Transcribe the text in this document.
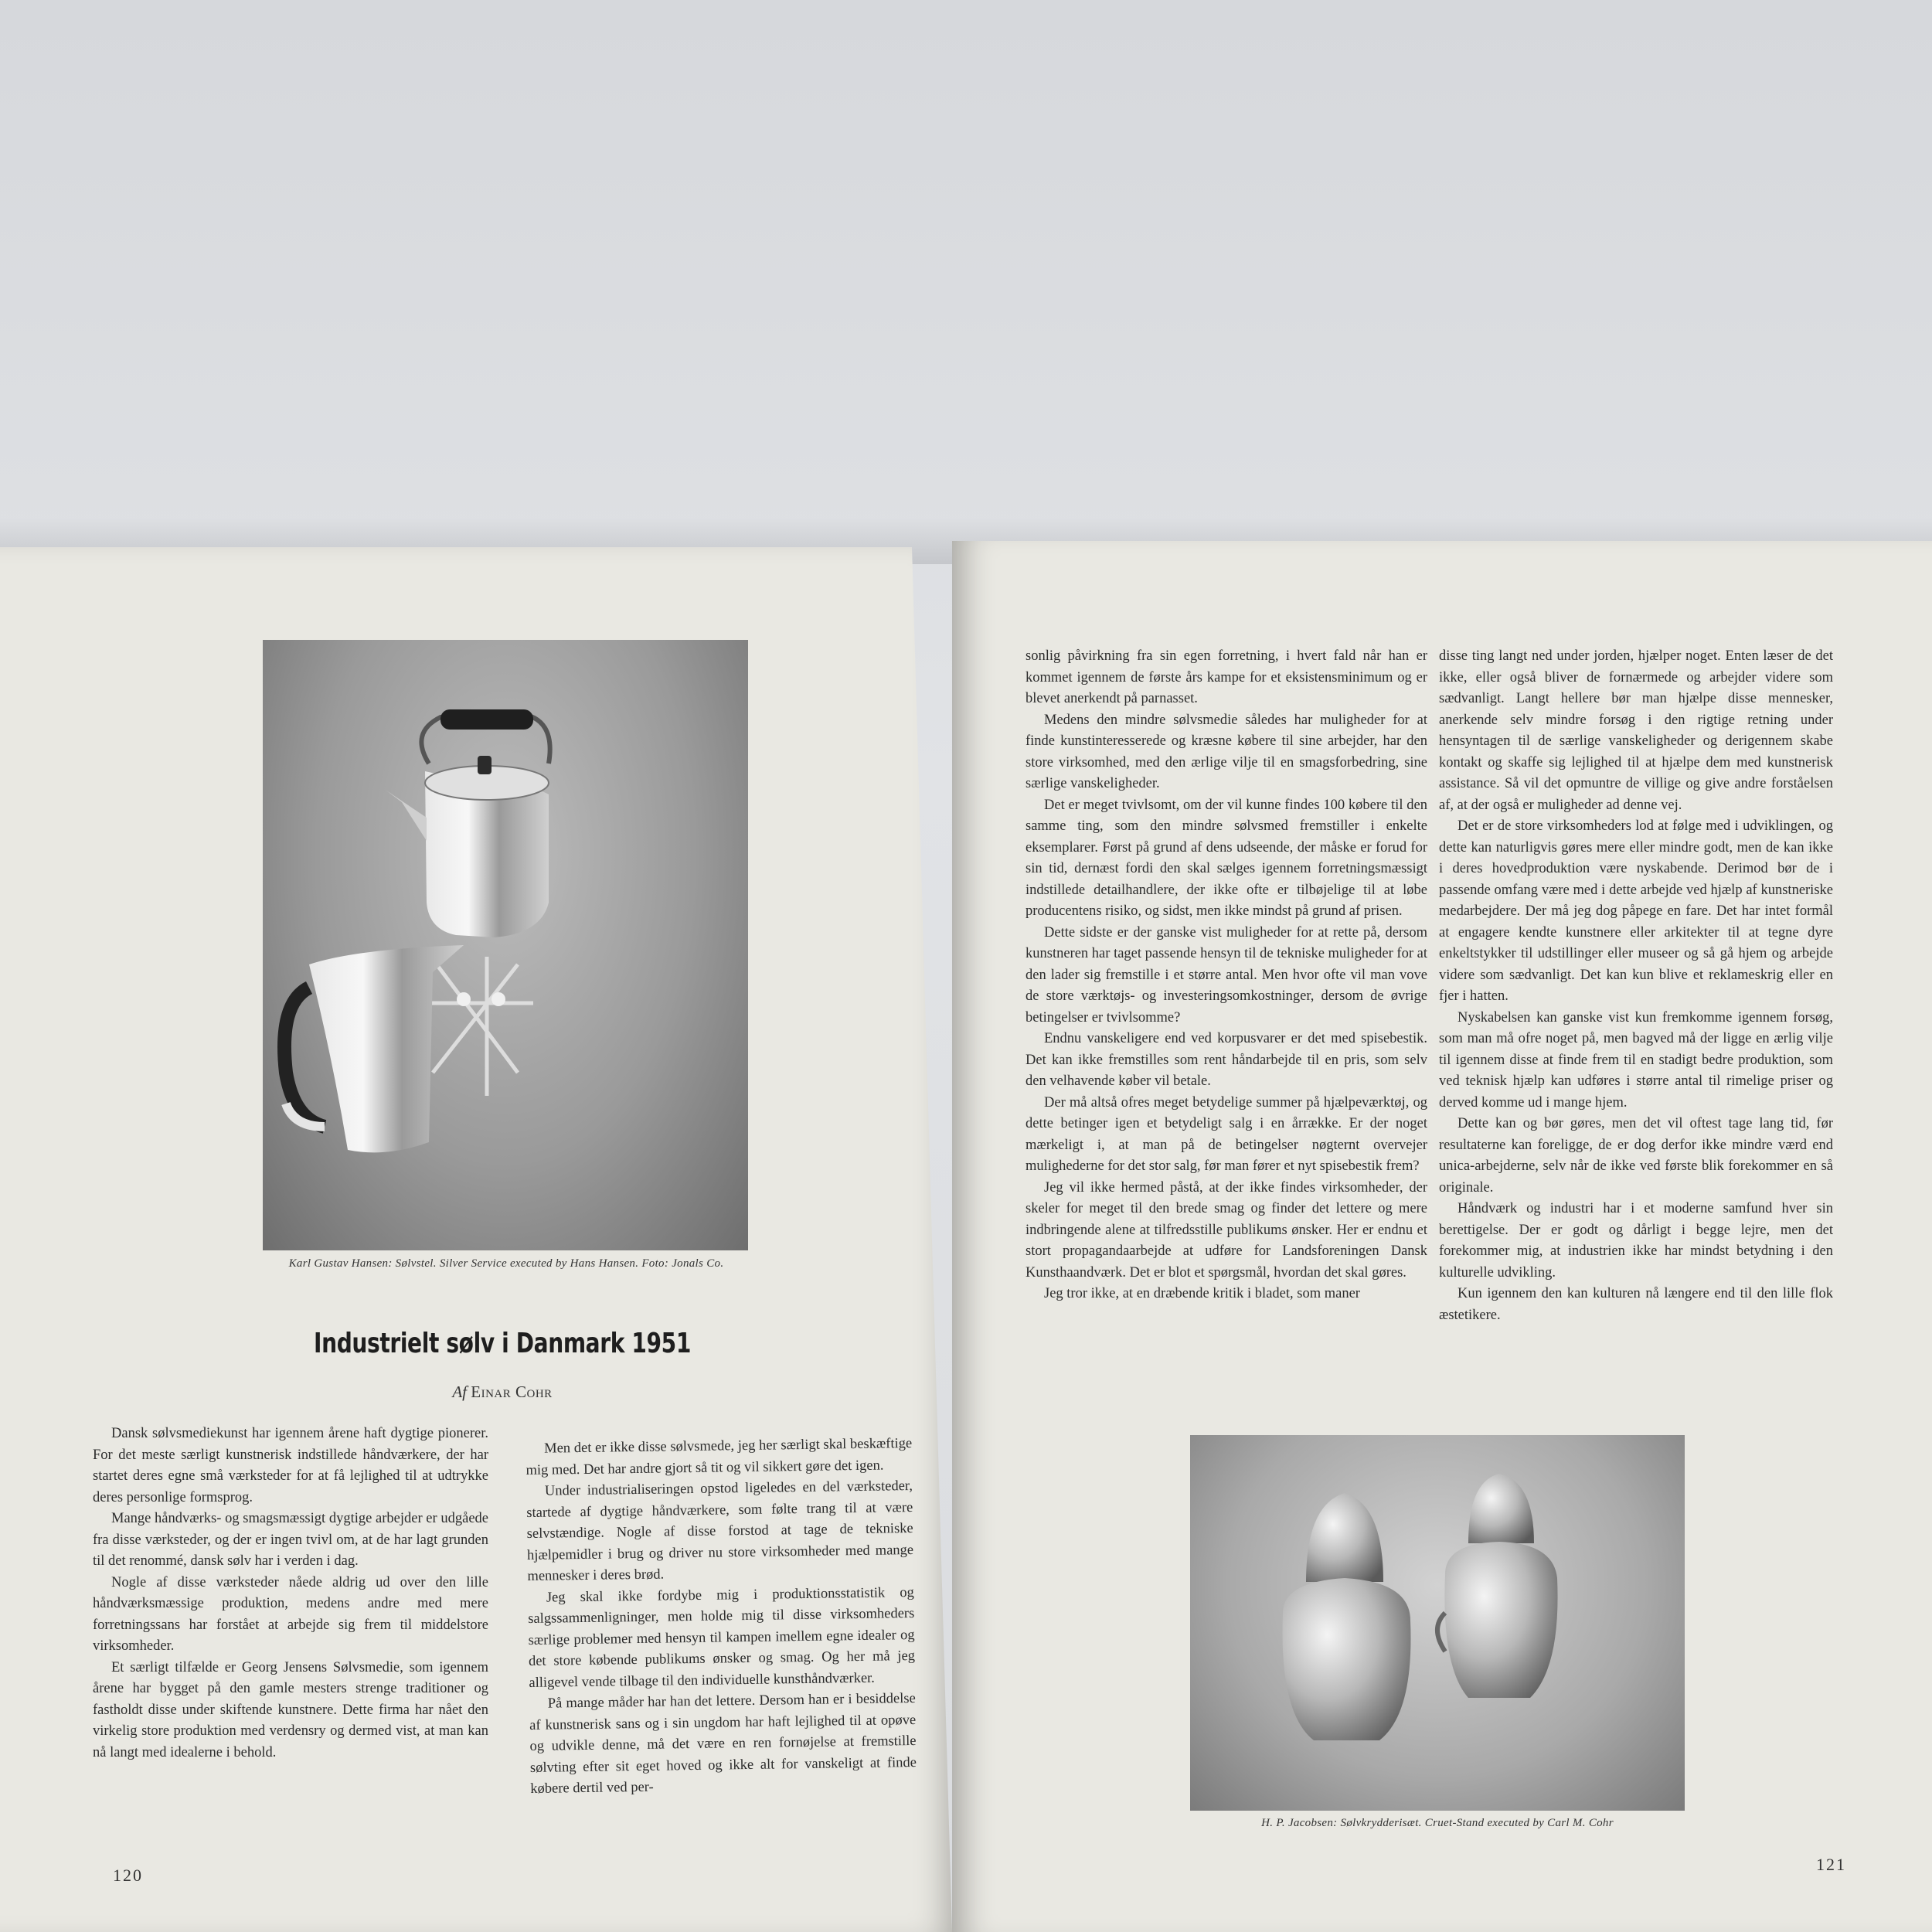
Karl Gustav Hansen: Sølvstel. Silver Service executed by Hans Hansen. Foto: Jonals Co.
Industrielt sølv i Danmark 1951
Af Einar Cohr

Dansk sølvsmediekunst har igennem årene haft dygtige pionerer. For det meste særligt kunstnerisk indstillede håndværkere, der har startet deres egne små værksteder for at få lejlighed til at udtrykke deres personlige formsprog.

Mange håndværks- og smagsmæssigt dygtige arbejder er udgåede fra disse værksteder, og der er ingen tvivl om, at de har lagt grunden til det renommé, dansk sølv har i verden i dag.

Nogle af disse værksteder nåede aldrig ud over den lille håndværksmæssige produktion, medens andre med mere forretningssans har forstået at arbejde sig frem til middelstore virksomheder.

Et særligt tilfælde er Georg Jensens Sølvsmedie, som igennem årene har bygget på den gamle mesters strenge traditioner og fastholdt disse under skiftende kunstnere. Dette firma har nået den virkelig store produktion med verdensry og dermed vist, at man kan nå langt med idealerne i behold.

Men det er ikke disse sølvsmede, jeg her særligt skal beskæftige mig med. Det har andre gjort så tit og vil sikkert gøre det igen.

Under industrialiseringen opstod ligeledes en del værksteder, startede af dygtige håndværkere, som følte trang til at være selvstændige. Nogle af disse forstod at tage de tekniske hjælpemidler i brug og driver nu store virksomheder med mange mennesker i deres brød.

Jeg skal ikke fordybe mig i produktionsstatistik og salgssammenligninger, men holde mig til disse virksomheders særlige problemer med hensyn til kampen imellem egne idealer og det store købende publikums ønsker og smag. Og her må jeg alligevel vende tilbage til den individuelle kunsthåndværker.

På mange måder har han det lettere. Dersom han er i besiddelse af kunstnerisk sans og i sin ungdom har haft lejlighed til at opøve og udvikle denne, må det være en ren fornøjelse at fremstille sølvting efter sit eget hoved og ikke alt for vanskeligt at finde købere dertil ved per-

120

sonlig påvirkning fra sin egen forretning, i hvert fald når han er kommet igennem de første års kampe for et eksistensminimum og er blevet anerkendt på parnasset.

Medens den mindre sølvsmedie således har muligheder for at finde kunstinteresserede og kræsne købere til sine arbejder, har den store virksomhed, med den ærlige vilje til en smagsforbedring, sine særlige vanskeligheder.

Det er meget tvivlsomt, om der vil kunne findes 100 købere til den samme ting, som den mindre sølvsmed fremstiller i enkelte eksemplarer. Først på grund af dens udseende, der måske er forud for sin tid, dernæst fordi den skal sælges igennem forretningsmæssigt indstillede detailhandlere, der ikke ofte er tilbøjelige til at løbe producentens risiko, og sidst, men ikke mindst på grund af prisen.

Dette sidste er der ganske vist muligheder for at rette på, dersom kunstneren har taget passende hensyn til de tekniske muligheder for at den lader sig fremstille i et større antal. Men hvor ofte vil man vove de store værktøjs- og investeringsomkostninger, dersom de øvrige betingelser er tvivlsomme?

Endnu vanskeligere end ved korpusvarer er det med spisebestik. Det kan ikke fremstilles som rent håndarbejde til en pris, som selv den velhavende køber vil betale.

Der må altså ofres meget betydelige summer på hjælpeværktøj, og dette betinger igen et betydeligt salg i en årrække. Er der noget mærkeligt i, at man på de betingelser nøgternt overvejer mulighederne for det stor salg, før man fører et nyt spisebestik frem?

Jeg vil ikke hermed påstå, at der ikke findes virksomheder, der skeler for meget til den brede smag og finder det lettere og mere indbringende alene at tilfredsstille publikums ønsker. Her er endnu et stort propagandaarbejde at udføre for Landsforeningen Dansk Kunsthaandværk. Det er blot et spørgsmål, hvordan det skal gøres.

Jeg tror ikke, at en dræbende kritik i bladet, som maner

disse ting langt ned under jorden, hjælper noget. Enten læser de det ikke, eller også bliver de fornærmede og arbejder videre som sædvanligt. Langt hellere bør man hjælpe disse mennesker, anerkende selv mindre forsøg i den rigtige retning under hensyntagen til de særlige vanskeligheder og derigennem skabe kontakt og skaffe sig lejlighed til at hjælpe dem med kunstnerisk assistance. Så vil det opmuntre de villige og give andre forståelsen af, at der også er muligheder ad denne vej.

Det er de store virksomheders lod at følge med i udviklingen, og dette kan naturligvis gøres mere eller mindre godt, men de kan ikke i deres hovedproduktion være nyskabende. Derimod bør de i passende omfang være med i dette arbejde ved hjælp af kunstneriske medarbejdere. Der må jeg dog påpege en fare. Det har intet formål at engagere kendte kunstnere eller arkitekter til at tegne dyre enkeltstykker til udstillinger eller museer og så gå hjem og arbejde videre som sædvanligt. Det kan kun blive et reklameskrig eller en fjer i hatten.

Nyskabelsen kan ganske vist kun fremkomme igennem forsøg, som man må ofre noget på, men bagved må der ligge en ærlig vilje til igennem disse at finde frem til en stadigt bedre produktion, som ved teknisk hjælp kan udføres i større antal til rimelige priser og derved komme ud i mange hjem.

Dette kan og bør gøres, men det vil oftest tage lang tid, før resultaterne kan foreligge, de er dog derfor ikke mindre værd end unica-arbejderne, selv når de ikke ved første blik forekommer en så originale.

Håndværk og industri har i et moderne samfund hver sin berettigelse. Der er godt og dårligt i begge lejre, men det forekommer mig, at industrien ikke har mindst betydning i den kulturelle udvikling.

Kun igennem den kan kulturen nå længere end til den lille flok æstetikere.

H. P. Jacobsen: Sølvkrydderisæt. Cruet-Stand executed by Carl M. Cohr
121
